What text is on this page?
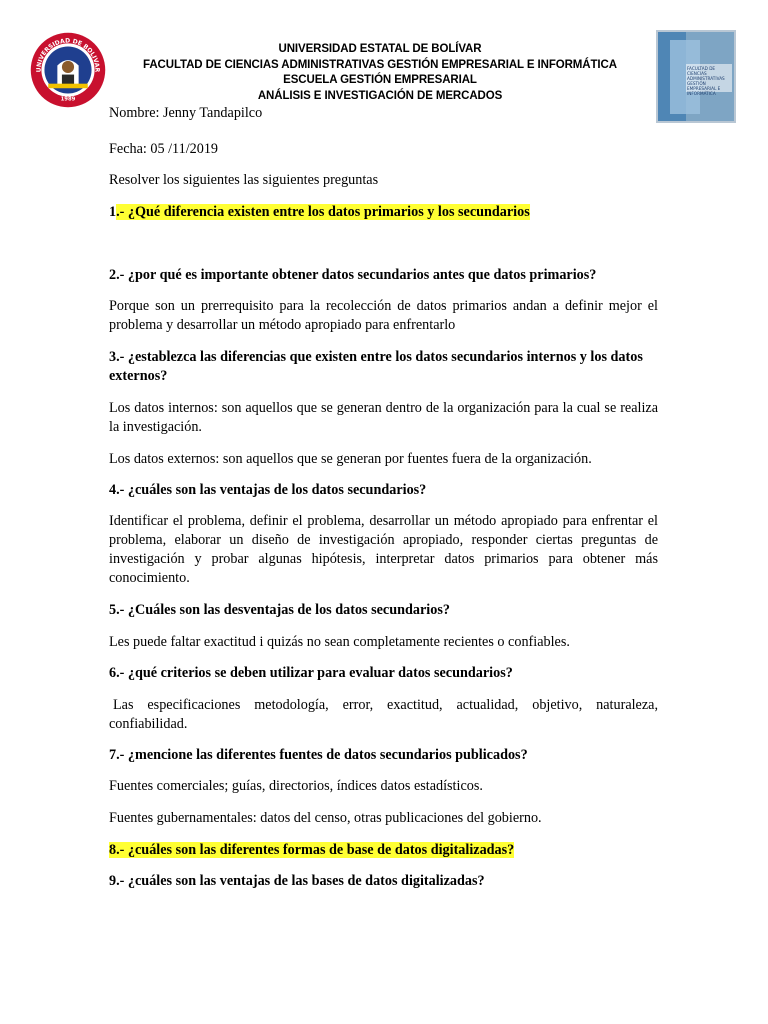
UNIVERSIDAD DE BOLIVAR
1989
FACULTAD DE CIENCIAS ADMINISTRATIVAS GESTIÓN EMPRESARIAL E INFORMÁTICA
UNIVERSIDAD ESTATAL DE BOLÍVAR
FACULTAD DE CIENCIAS ADMINISTRATIVAS GESTIÓN EMPRESARIAL E INFORMÁTICA
ESCUELA GESTIÓN EMPRESARIAL
ANÁLISIS E INVESTIGACIÓN DE MERCADOS

Nombre: Jenny Tandapilco

Fecha: 05 /11/2019

Resolver los siguientes las siguientes preguntas

1.- ¿Qué diferencia existen entre los datos primarios y los secundarios

2.- ¿por qué es importante obtener datos secundarios antes que datos primarios?

Porque son un prerrequisito para la recolección de datos primarios andan a definir mejor el problema y desarrollar un método apropiado para enfrentarlo

3.- ¿establezca las diferencias que existen entre los datos secundarios internos y los datos externos?

Los datos internos: son aquellos que se generan dentro de la organización para la cual se realiza la investigación.

Los datos externos: son aquellos que se generan por fuentes fuera de la organización.

4.- ¿cuáles son las ventajas de los datos secundarios?

Identificar el problema, definir el problema, desarrollar un método apropiado para enfrentar el problema, elaborar un diseño de investigación apropiado, responder ciertas preguntas de investigación y probar algunas hipótesis, interpretar datos primarios para obtener más conocimiento.

5.- ¿Cuáles son las desventajas de los datos secundarios?

Les puede faltar exactitud i quizás no sean completamente recientes o confiables.

6.- ¿qué criterios se deben utilizar para evaluar datos secundarios?

Las especificaciones metodología, error, exactitud, actualidad, objetivo, naturaleza, confiabilidad.

7.- ¿mencione las diferentes fuentes de datos secundarios publicados?

Fuentes comerciales; guías, directorios, índices datos estadísticos.

Fuentes gubernamentales: datos del censo, otras publicaciones del gobierno.

8.- ¿cuáles son las diferentes formas de base de datos digitalizadas?

9.- ¿cuáles son las ventajas de las bases de datos digitalizadas?
